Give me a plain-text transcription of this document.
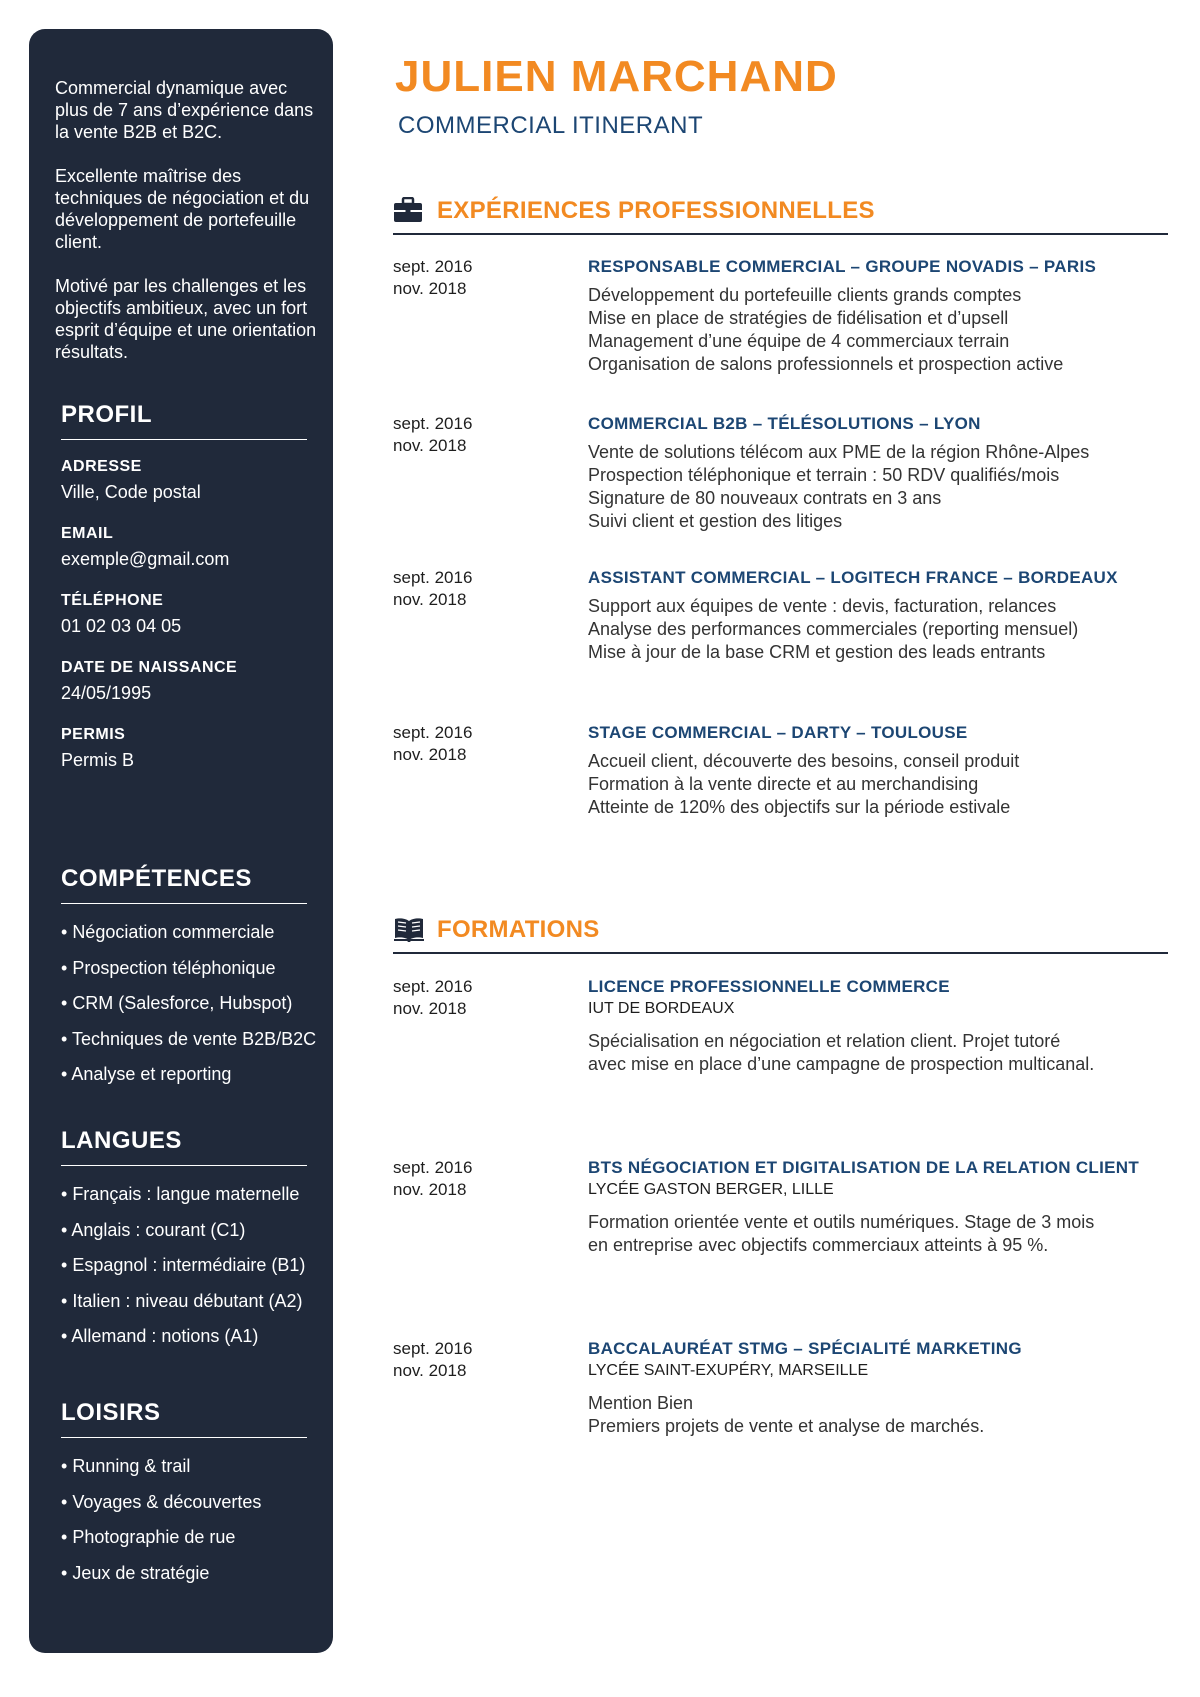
Commercial dynamique avec plus de 7 ans d’expérience dans la vente B2B et B2C.

Excellente maîtrise des techniques de négociation et du développement de portefeuille client.

Motivé par les challenges et les objectifs ambitieux, avec un fort esprit d’équipe et une orientation résultats.

PROFIL
ADRESSE
Ville, Code postal
EMAIL
exemple@gmail.com
TÉLÉPHONE
01 02 03 04 05
DATE DE NAISSANCE
24/05/1995
PERMIS
Permis B
COMPÉTENCES
• Négociation commerciale
• Prospection téléphonique
• CRM (Salesforce, Hubspot)
• Techniques de vente B2B/B2C
• Analyse et reporting
LANGUES
• Français : langue maternelle
• Anglais : courant (C1)
• Espagnol : intermédiaire (B1)
• Italien : niveau débutant (A2)
• Allemand : notions (A1)
LOISIRS
• Running & trail
• Voyages & découvertes
• Photographie de rue
• Jeux de stratégie
JULIEN MARCHAND
COMMERCIAL ITINERANT
EXPÉRIENCES PROFESSIONNELLES
sept. 2016
nov. 2018
RESPONSABLE COMMERCIAL – GROUPE NOVADIS – PARIS
Développement du portefeuille clients grands comptes
Mise en place de stratégies de fidélisation et d’upsell
Management d’une équipe de 4 commerciaux terrain
Organisation de salons professionnels et prospection active
sept. 2016
nov. 2018
COMMERCIAL B2B – TÉLÉSOLUTIONS – LYON
Vente de solutions télécom aux PME de la région Rhône-Alpes
Prospection téléphonique et terrain : 50 RDV qualifiés/mois
Signature de 80 nouveaux contrats en 3 ans
Suivi client et gestion des litiges
sept. 2016
nov. 2018
ASSISTANT COMMERCIAL – LOGITECH FRANCE – BORDEAUX
Support aux équipes de vente : devis, facturation, relances
Analyse des performances commerciales (reporting mensuel)
Mise à jour de la base CRM et gestion des leads entrants
sept. 2016
nov. 2018
STAGE COMMERCIAL – DARTY – TOULOUSE
Accueil client, découverte des besoins, conseil produit
Formation à la vente directe et au merchandising
Atteinte de 120% des objectifs sur la période estivale
FORMATIONS
sept. 2016
nov. 2018
LICENCE PROFESSIONNELLE COMMERCE
IUT DE BORDEAUX
Spécialisation en négociation et relation client. Projet tutoré
avec mise en place d’une campagne de prospection multicanal.
sept. 2016
nov. 2018
BTS NÉGOCIATION ET DIGITALISATION DE LA RELATION CLIENT
LYCÉE GASTON BERGER, LILLE
Formation orientée vente et outils numériques. Stage de 3 mois
en entreprise avec objectifs commerciaux atteints à 95 %.
sept. 2016
nov. 2018
BACCALAURÉAT STMG – SPÉCIALITÉ MARKETING
LYCÉE SAINT-EXUPÉRY, MARSEILLE
Mention Bien
Premiers projets de vente et analyse de marchés.
